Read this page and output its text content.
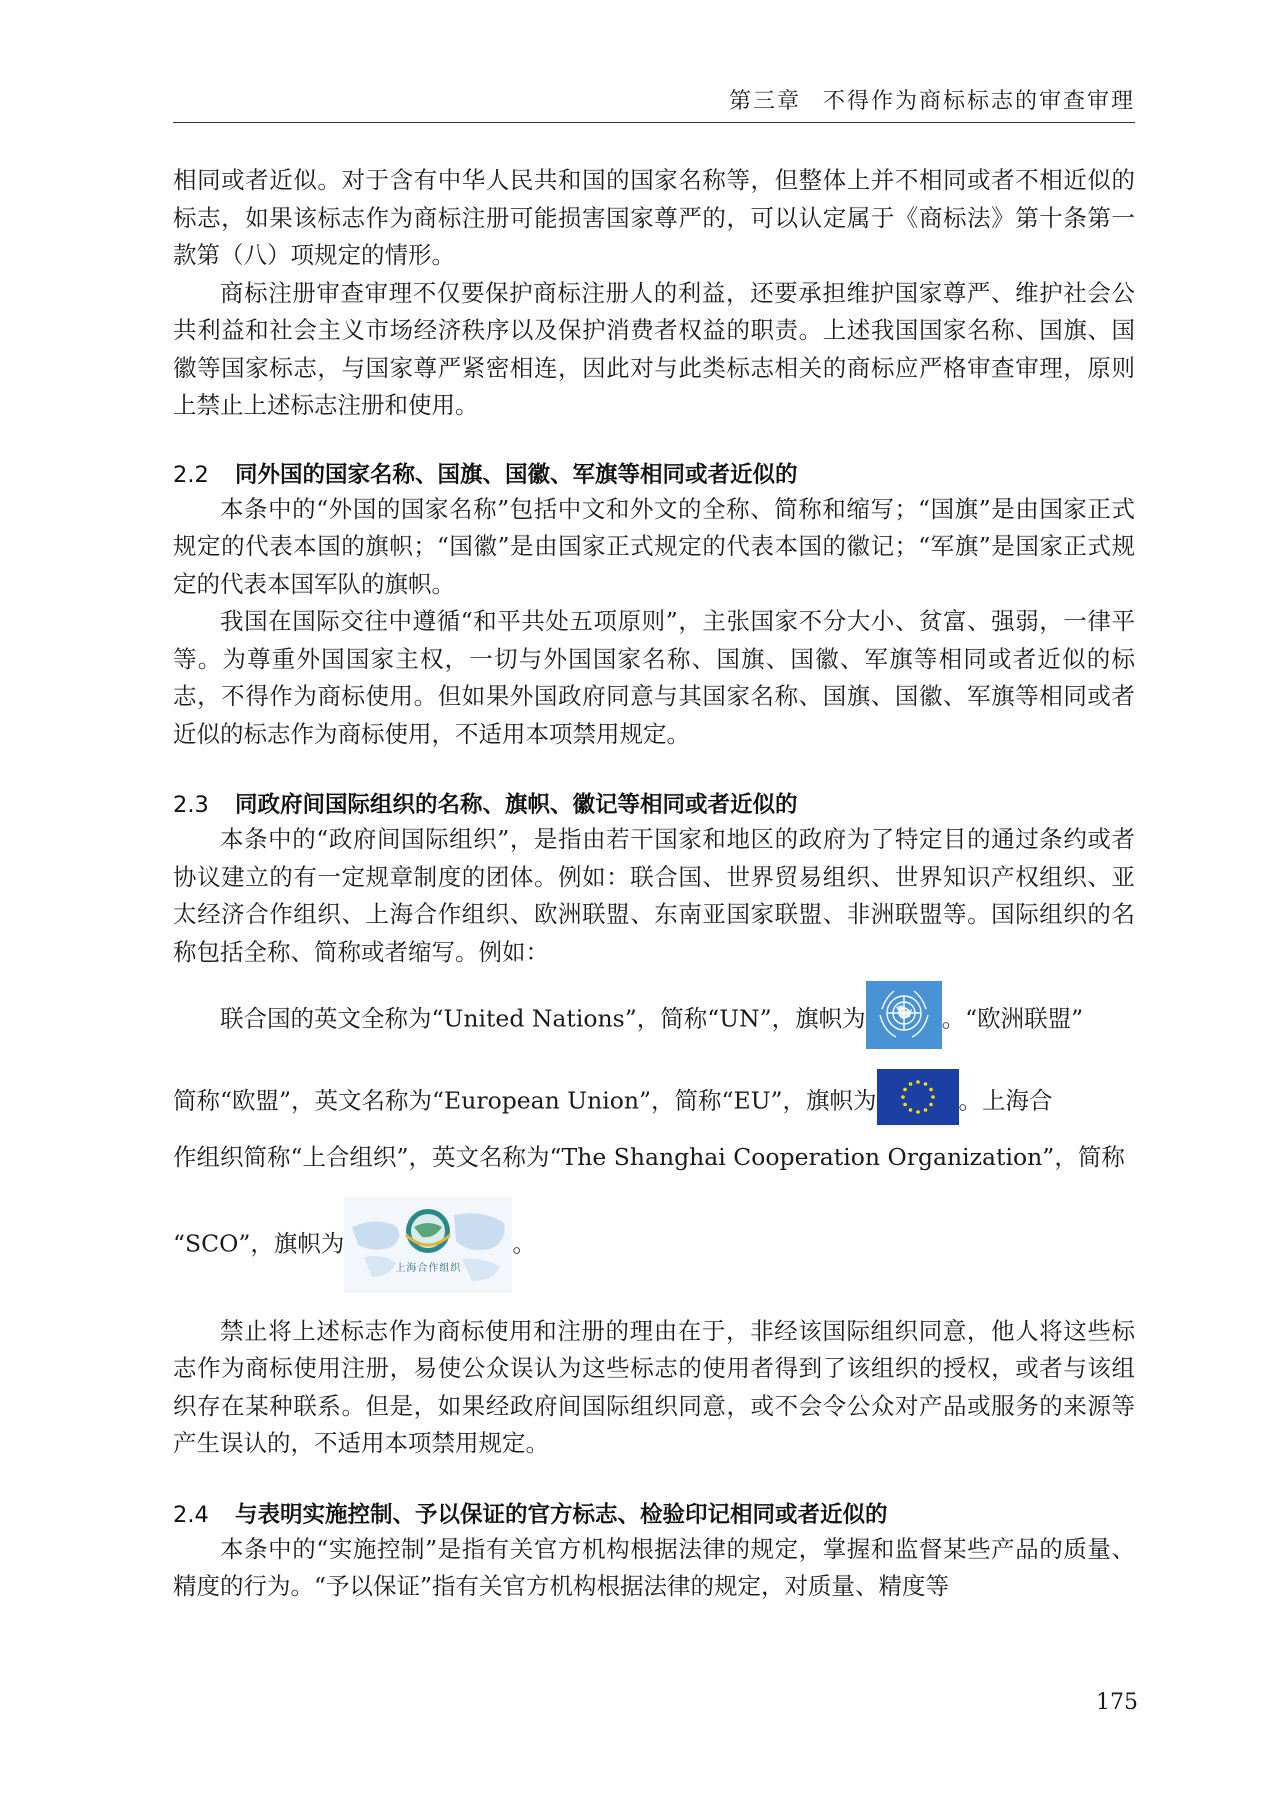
第三章 不得作为商标标志的审查审理

相同或者近似。对于含有中华人民共和国的国家名称等，但整体上并不相同或者不相近似的标志，如果该标志作为商标注册可能损害国家尊严的，可以认定属于《商标法》第十条第一款第（八）项规定的情形。

商标注册审查审理不仅要保护商标注册人的利益，还要承担维护国家尊严、维护社会公共利益和社会主义市场经济秩序以及保护消费者权益的职责。上述我国国家名称、国旗、国徽等国家标志，与国家尊严紧密相连，因此对与此类标志相关的商标应严格审查审理，原则上禁止上述标志注册和使用。

2.2 同外国的国家名称、国旗、国徽、军旗等相同或者近似的

本条中的“外国的国家名称”包括中文和外文的全称、简称和缩写；“国旗”是由国家正式规定的代表本国的旗帜；“国徽”是由国家正式规定的代表本国的徽记；“军旗”是国家正式规定的代表本国军队的旗帜。

我国在国际交往中遵循“和平共处五项原则”，主张国家不分大小、贫富、强弱，一律平等。为尊重外国国家主权，一切与外国国家名称、国旗、国徽、军旗等相同或者近似的标志，不得作为商标使用。但如果外国政府同意与其国家名称、国旗、国徽、军旗等相同或者近似的标志作为商标使用，不适用本项禁用规定。

2.3 同政府间国际组织的名称、旗帜、徽记等相同或者近似的

本条中的“政府间国际组织”，是指由若干国家和地区的政府为了特定目的通过条约或者协议建立的有一定规章制度的团体。例如：联合国、世界贸易组织、世界知识产权组织、亚太经济合作组织、上海合作组织、欧洲联盟、东南亚国家联盟、非洲联盟等。国际组织的名称包括全称、简称或者缩写。例如：

联合国的英文全称为“United Nations”，简称“UN”，旗帜为	。“欧洲联盟”

简称“欧盟”，英文名称为“European Union”，简称“EU”，旗帜为	。上海合

作组织简称“上合组织”，英文名称为“The Shanghai Cooperation Organization”，简称

“SCO”，旗帜为
上海合作组织
。

禁止将上述标志作为商标使用和注册的理由在于，非经该国际组织同意，他人将这些标志作为商标使用注册，易使公众误认为这些标志的使用者得到了该组织的授权，或者与该组织存在某种联系。但是，如果经政府间国际组织同意，或不会令公众对产品或服务的来源等产生误认的，不适用本项禁用规定。

2.4 与表明实施控制、予以保证的官方标志、检验印记相同或者近似的

本条中的“实施控制”是指有关官方机构根据法律的规定，掌握和监督某些产品的质量、精度的行为。“予以保证”指有关官方机构根据法律的规定，对质量、精度等

175
